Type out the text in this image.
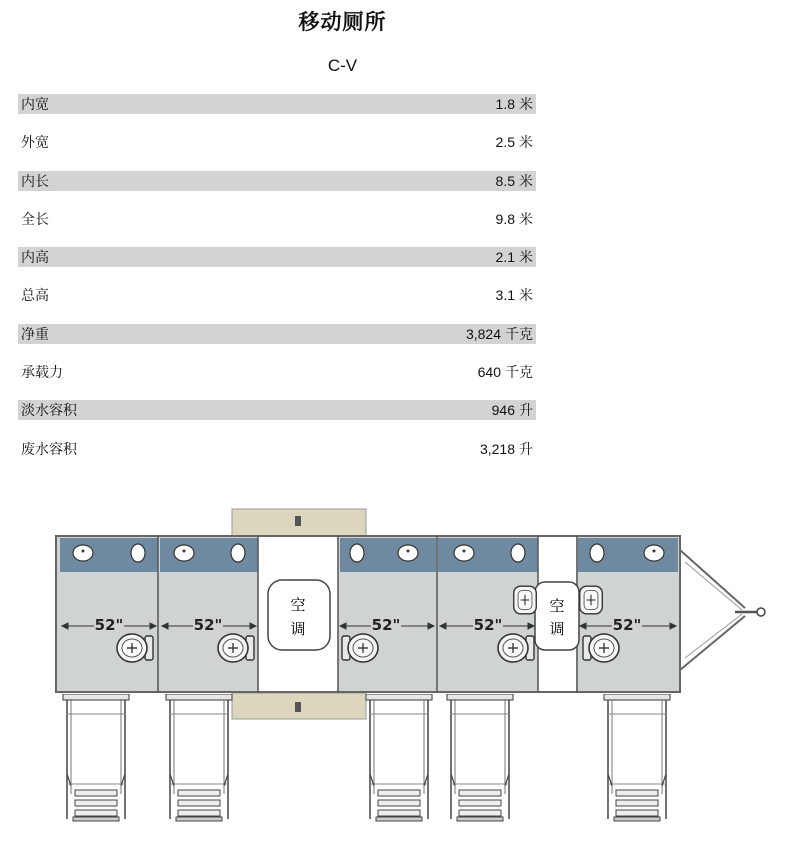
移动厕所
C-V
内宽	1.8 米
外宽	2.5 米
内长	8.5 米
全长	9.8 米
内高	2.1 米
总高	3.1 米
净重	3,824 千克
承载力	640 千克
淡水容积	946 升
废水容积	3,218 升
空
调
空
调
52"	52"	52"	52"	52"
